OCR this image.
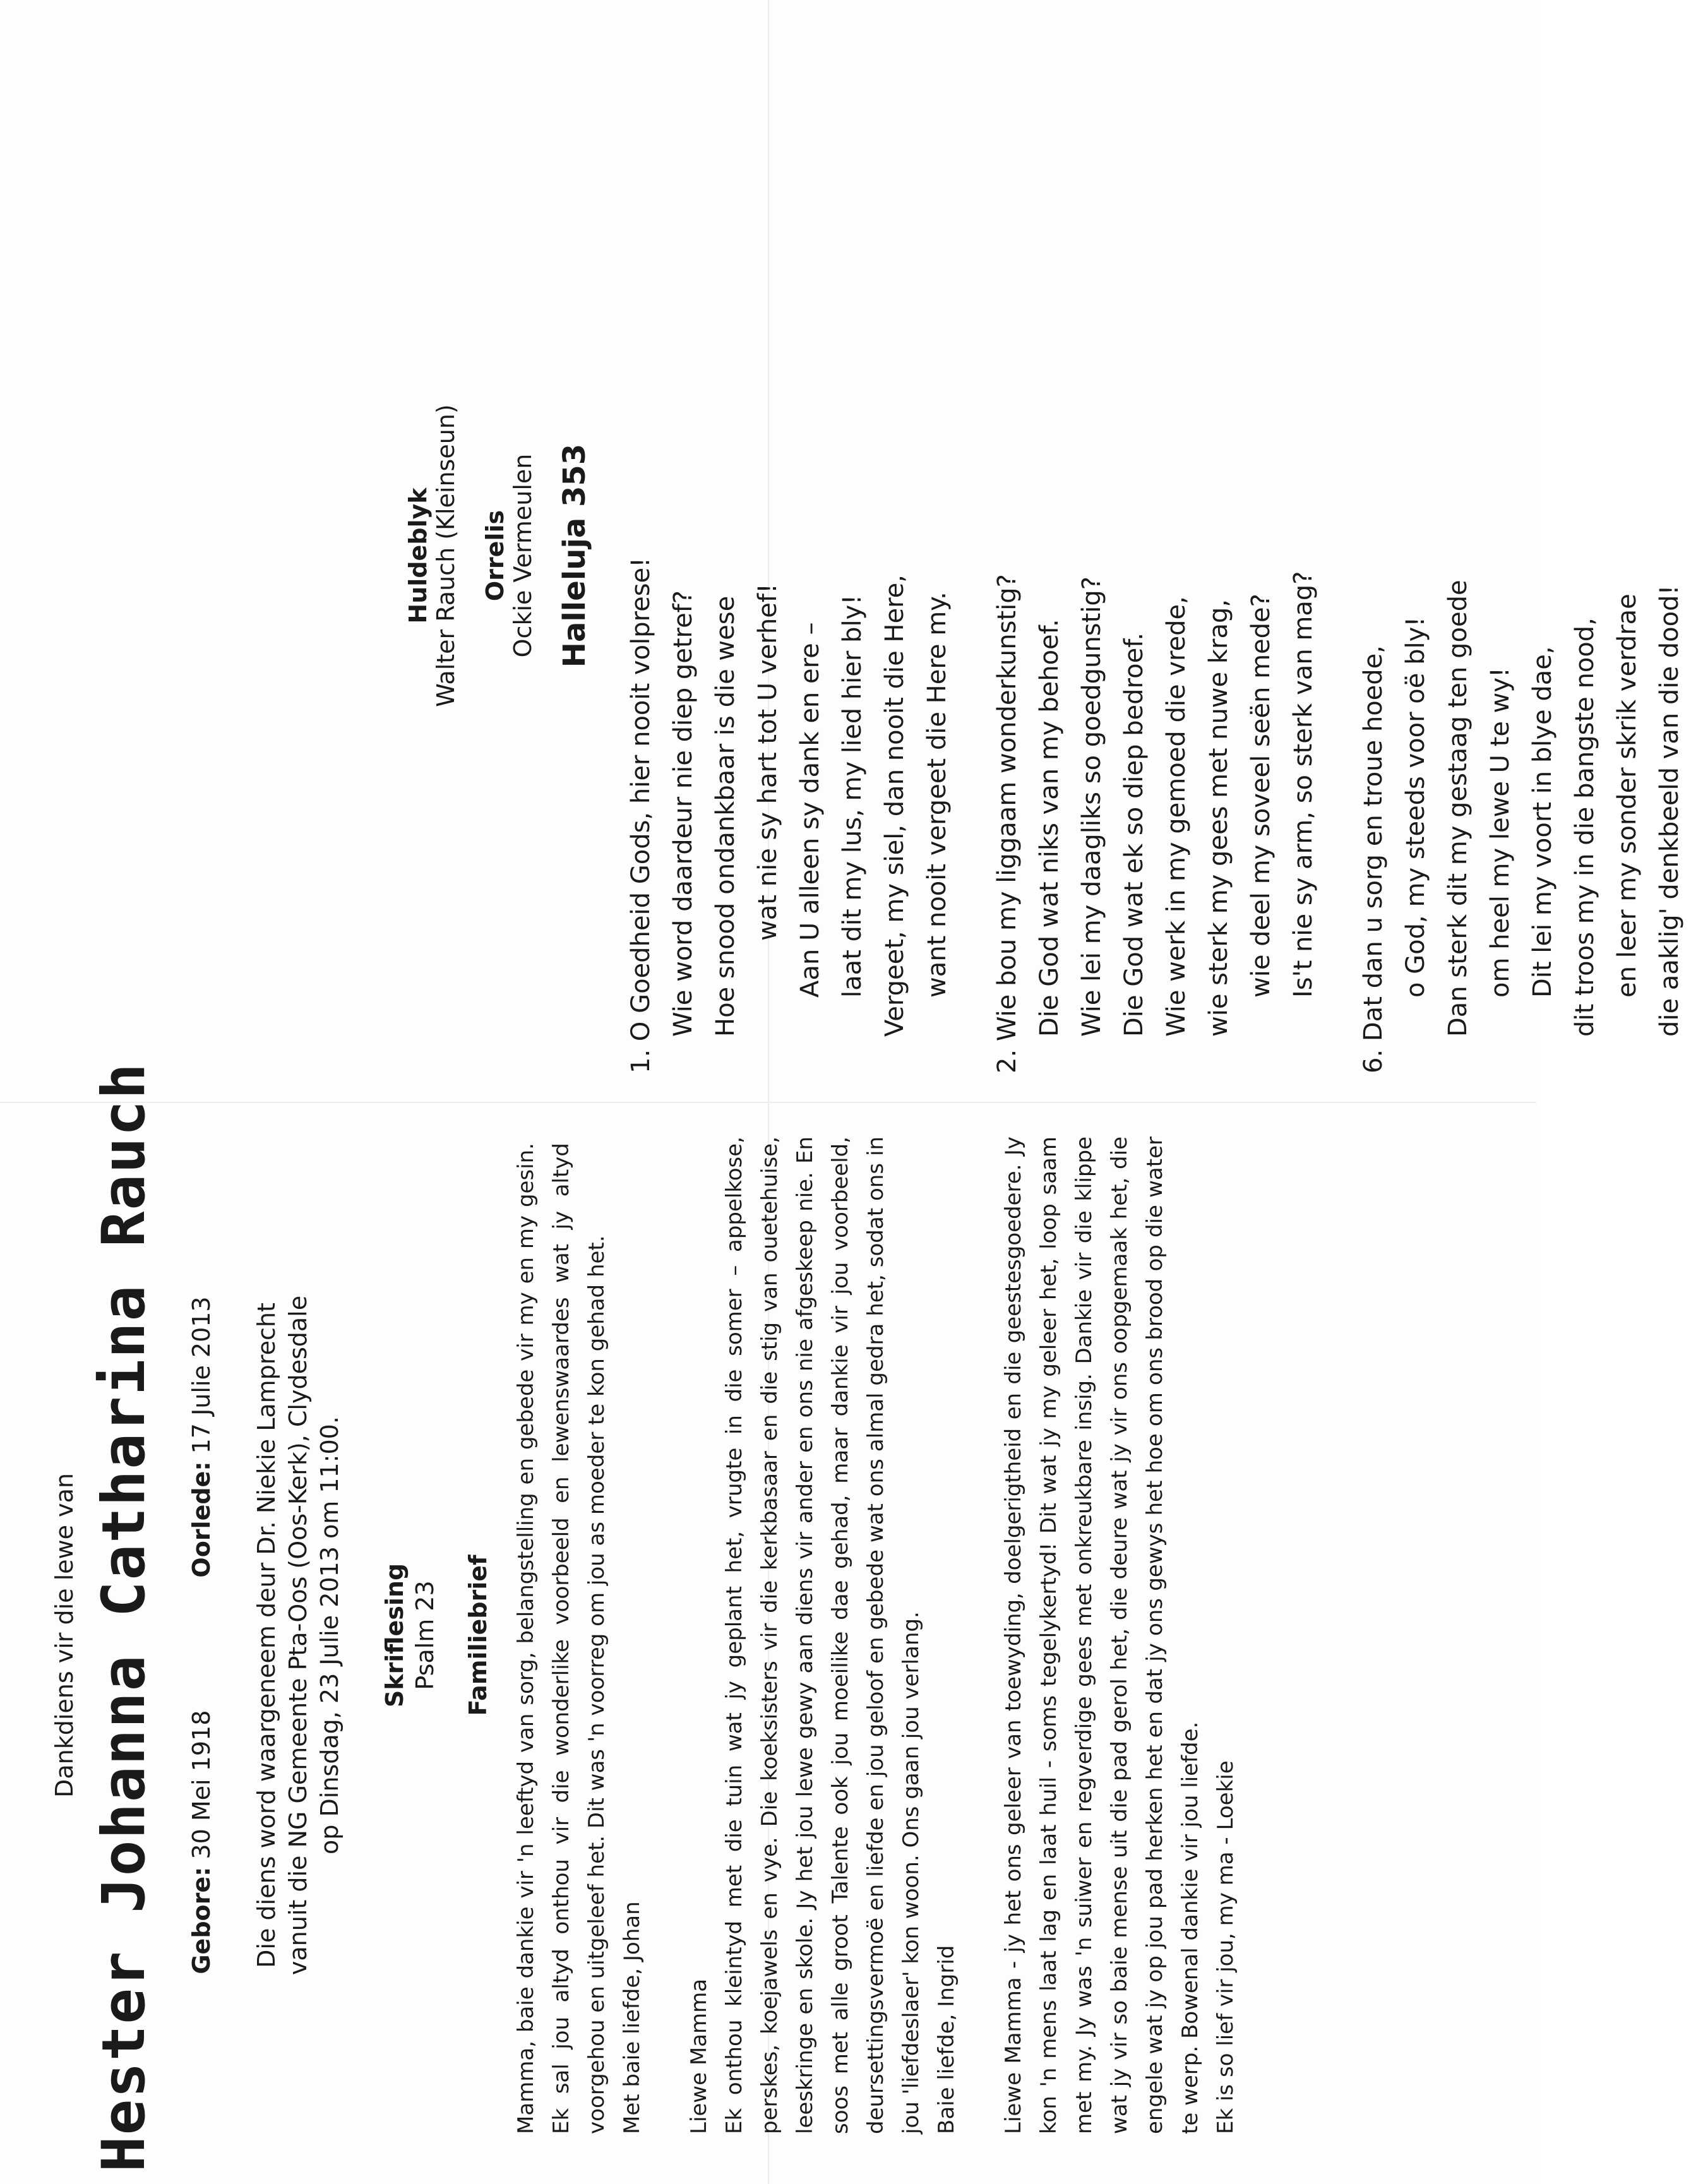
Dankdiens vir die lewe van Hester Johanna Catharina Rauch Gebore: 30 Mei 1918
Oorlede: 17 Julie 2013 Die diens word waargeneem deur Dr. Niekie Lamprecht vanuit die NG Gemeente Pta-Oos (Oos-Kerk), Clydesdale op Dinsdag, 23 Julie 2013 om 11:00. Skriflesing Psalm 23 Familiebrief Mamma, baie dankie vir 'n leeftyd van sorg, belangstelling en gebede vir my en my gesin. Ek sal jou altyd onthou vir die wonderlike voorbeeld en lewenswaardes wat jy altyd voorgehou en uitgeleef het. Dit was 'n voorreg om jou as moeder te kon gehad het. Met baie liefde, Johan Liewe Mamma Ek onthou kleintyd met die tuin wat jy geplant het, vrugte in die somer – appelkose, perskes, koejawels en vye. Die koeksisters vir die kerkbasaar en die stig van ouetehuise, leeskringe en skole. Jy het jou lewe gewy aan diens vir ander en ons nie afgeskeep nie. En soos met alle groot Talente ook jou moeilike dae gehad, maar dankie vir jou voorbeeld, deursettingsvermoë en liefde en jou geloof en gebede wat ons almal gedra het, sodat ons in jou 'liefdeslaer' kon woon. Ons gaan jou verlang. Baie liefde, Ingrid Liewe Mamma - jy het ons geleer van toewyding, doelgerigtheid en die geestesgoedere. Jy kon 'n mens laat lag en laat huil - soms tegelykertyd! Dit wat jy my geleer het, loop saam met my. Jy was 'n suiwer en regverdige gees met onkreukbare insig. Dankie vir die klippe wat jy vir so baie mense uit die pad gerol het, die deure wat jy vir ons oopgemaak het, die engele wat jy op jou pad herken het en dat jy ons gewys het hoe om ons brood op die water te werp. Bowenal dankie vir jou liefde. Ek is so lief vir jou, my ma - Loekie

Huldeblyk Walter Rauch (Kleinseun) Orrelis Ockie Vermeulen Halleluja 353

1. O Goedheid Gods, hier nooit volprese! Wie word daardeur nie diep getref? Hoe snood ondankbaar is die wese wat nie sy hart tot U verhef! Aan U alleen sy dank en ere – laat dit my lus, my lied hier bly! Vergeet, my siel, dan nooit die Here, want nooit vergeet die Here my. 2. Wie bou my liggaam wonderkunstig? Die God wat niks van my behoef. Wie lei my daagliks so goedgunstig? Die God wat ek so diep bedroef. Wie werk in my gemoed die vrede, wie sterk my gees met nuwe krag, wie deel my soveel seën mede? Is't nie sy arm, so sterk van mag? 6. Dat dan u sorg en troue hoede, o God, my steeds voor oë bly! Dan sterk dit my gestaag ten goede om heel my lewe U te wy! Dit lei my voort in blye dae, dit troos my in die bangste nood, en leer my sonder skrik verdrae die aaklig' denkbeeld van die dood!
